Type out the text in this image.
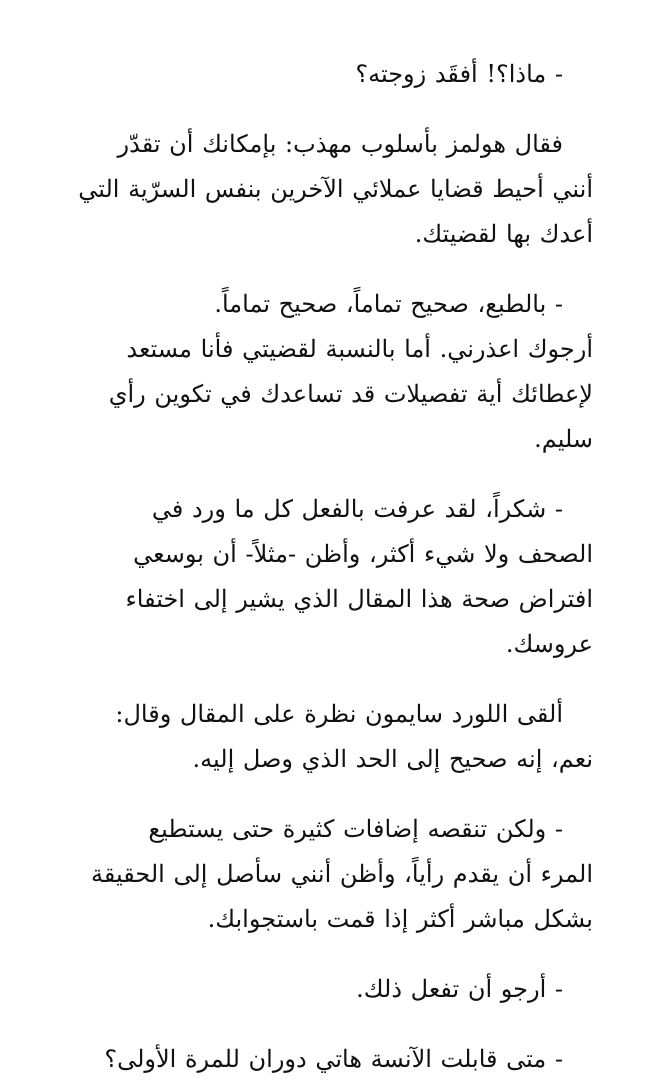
- ماذا؟! أفقَد زوجته؟

فقال هولمز بأسلوب مهذب: بإمكانك أن تقدّر
أنني أحيط قضايا عملائي الآخرين بنفس السرّية التي
أعدك بها لقضيتك.

- بالطبع، صحيح تماماً، صحيح تماماً.
أرجوك اعذرني. أما بالنسبة لقضيتي فأنا مستعد
لإعطائك أية تفصيلات قد تساعدك في تكوين رأي
سليم.

- شكراً، لقد عرفت بالفعل كل ما ورد في
الصحف ولا شيء أكثر، وأظن -مثلاً- أن بوسعي
افتراض صحة هذا المقال الذي يشير إلى اختفاء
عروسك.

ألقى اللورد سايمون نظرة على المقال وقال:
نعم، إنه صحيح إلى الحد الذي وصل إليه.

- ولكن تنقصه إضافات كثيرة حتى يستطيع
المرء أن يقدم رأياً، وأظن أنني سأصل إلى الحقيقة
بشكل مباشر أكثر إذا قمت باستجوابك.

- أرجو أن تفعل ذلك.

- متى قابلت الآنسة هاتي دوران للمرة الأولى؟
